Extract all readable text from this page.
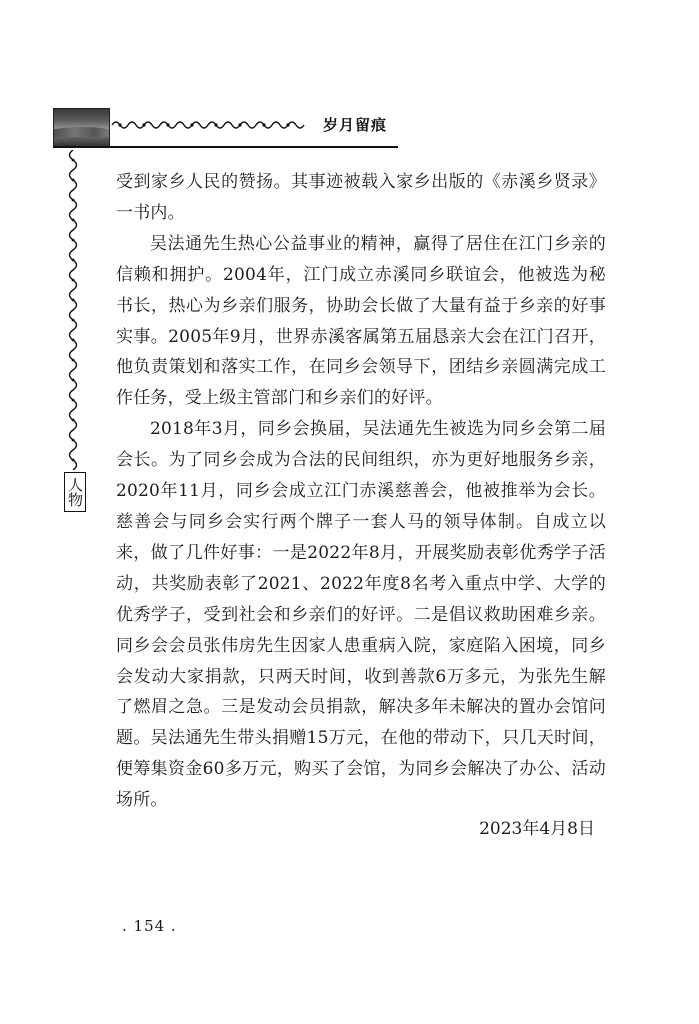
岁月留痕
人物

受到家乡人民的赞扬。其事迹被载入家乡出版的《赤溪乡贤录》一书内。

吴法通先生热心公益事业的精神，赢得了居住在江门乡亲的信赖和拥护。2004年，江门成立赤溪同乡联谊会，他被选为秘书长，热心为乡亲们服务，协助会长做了大量有益于乡亲的好事实事。2005年9月，世界赤溪客属第五届恳亲大会在江门召开，他负责策划和落实工作，在同乡会领导下，团结乡亲圆满完成工作任务，受上级主管部门和乡亲们的好评。

2018年3月，同乡会换届，吴法通先生被选为同乡会第二届会长。为了同乡会成为合法的民间组织，亦为更好地服务乡亲，2020年11月，同乡会成立江门赤溪慈善会，他被推举为会长。慈善会与同乡会实行两个牌子一套人马的领导体制。自成立以来，做了几件好事：一是2022年8月，开展奖励表彰优秀学子活动，共奖励表彰了2021、2022年度8名考入重点中学、大学的优秀学子，受到社会和乡亲们的好评。二是倡议救助困难乡亲。同乡会会员张伟房先生因家人患重病入院，家庭陷入困境，同乡会发动大家捐款，只两天时间，收到善款6万多元，为张先生解了燃眉之急。三是发动会员捐款，解决多年未解决的置办会馆问题。吴法通先生带头捐赠15万元，在他的带动下，只几天时间，便筹集资金60多万元，购买了会馆，为同乡会解决了办公、活动场所。

2023年4月8日
. 154 .
